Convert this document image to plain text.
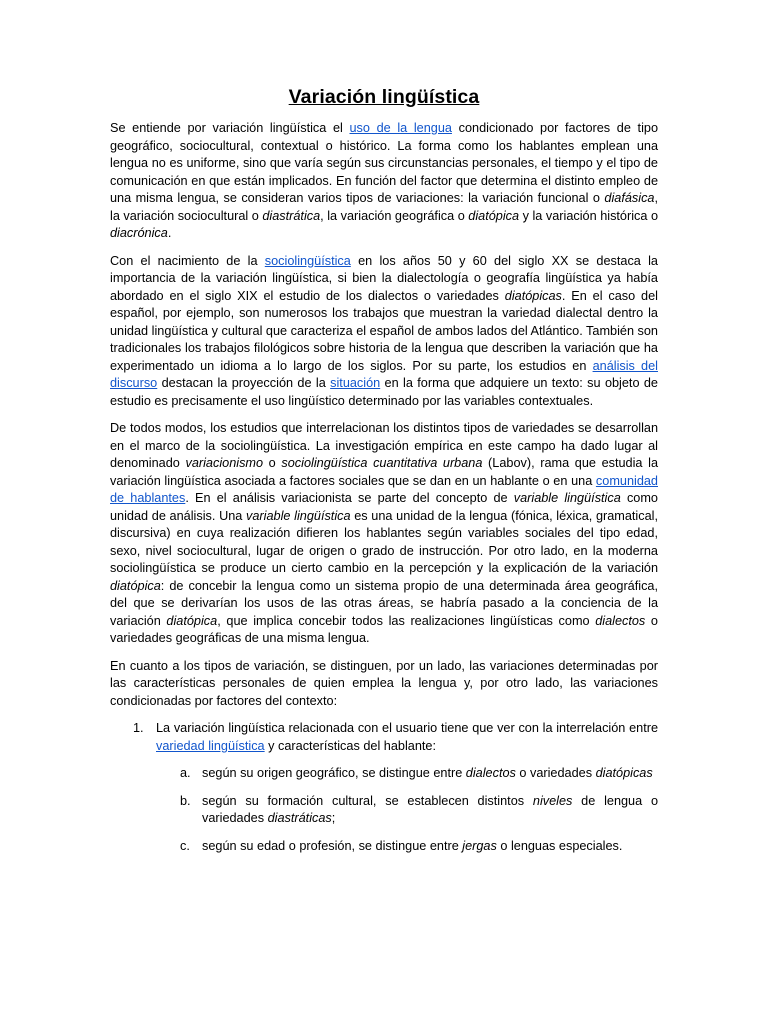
Variación lingüística

Se entiende por variación lingüística el uso de la lengua condicionado por factores de tipo geográfico, sociocultural, contextual o histórico. La forma como los hablantes emplean una lengua no es uniforme, sino que varía según sus circunstancias personales, el tiempo y el tipo de comunicación en que están implicados. En función del factor que determina el distinto empleo de una misma lengua, se consideran varios tipos de variaciones: la variación funcional o diafásica, la variación sociocultural o diastrática, la variación geográfica o diatópica y la variación histórica o diacrónica.

Con el nacimiento de la sociolingüística en los años 50 y 60 del siglo XX se destaca la importancia de la variación lingüística, si bien la dialectología o geografía lingüística ya había abordado en el siglo XIX el estudio de los dialectos o variedades diatópicas. En el caso del español, por ejemplo, son numerosos los trabajos que muestran la variedad dialectal dentro la unidad lingüística y cultural que caracteriza el español de ambos lados del Atlántico. También son tradicionales los trabajos filológicos sobre historia de la lengua que describen la variación que ha experimentado un idioma a lo largo de los siglos. Por su parte, los estudios en análisis del discurso destacan la proyección de la situación en la forma que adquiere un texto: su objeto de estudio es precisamente el uso lingüístico determinado por las variables contextuales.

De todos modos, los estudios que interrelacionan los distintos tipos de variedades se desarrollan en el marco de la sociolingüística. La investigación empírica en este campo ha dado lugar al denominado variacionismo o sociolingüística cuantitativa urbana (Labov), rama que estudia la variación lingüística asociada a factores sociales que se dan en un hablante o en una comunidad de hablantes. En el análisis variacionista se parte del concepto de variable lingüística como unidad de análisis. Una variable lingüística es una unidad de la lengua (fónica, léxica, gramatical, discursiva) en cuya realización difieren los hablantes según variables sociales del tipo edad, sexo, nivel sociocultural, lugar de origen o grado de instrucción. Por otro lado, en la moderna sociolingüística se produce un cierto cambio en la percepción y la explicación de la variación diatópica: de concebir la lengua como un sistema propio de una determinada área geográfica, del que se derivarían los usos de las otras áreas, se habría pasado a la conciencia de la variación diatópica, que implica concebir todos las realizaciones lingüísticas como dialectos o variedades geográficas de una misma lengua.

En cuanto a los tipos de variación, se distinguen, por un lado, las variaciones determinadas por las características personales de quien emplea la lengua y, por otro lado, las variaciones condicionadas por factores del contexto:

1. La variación lingüística relacionada con el usuario tiene que ver con la interrelación entre variedad lingüística y características del hablante:
a. según su origen geográfico, se distingue entre dialectos o variedades diatópicas
b. según su formación cultural, se establecen distintos niveles de lengua o variedades diastráticas;
c. según su edad o profesión, se distingue entre jergas o lenguas especiales.
